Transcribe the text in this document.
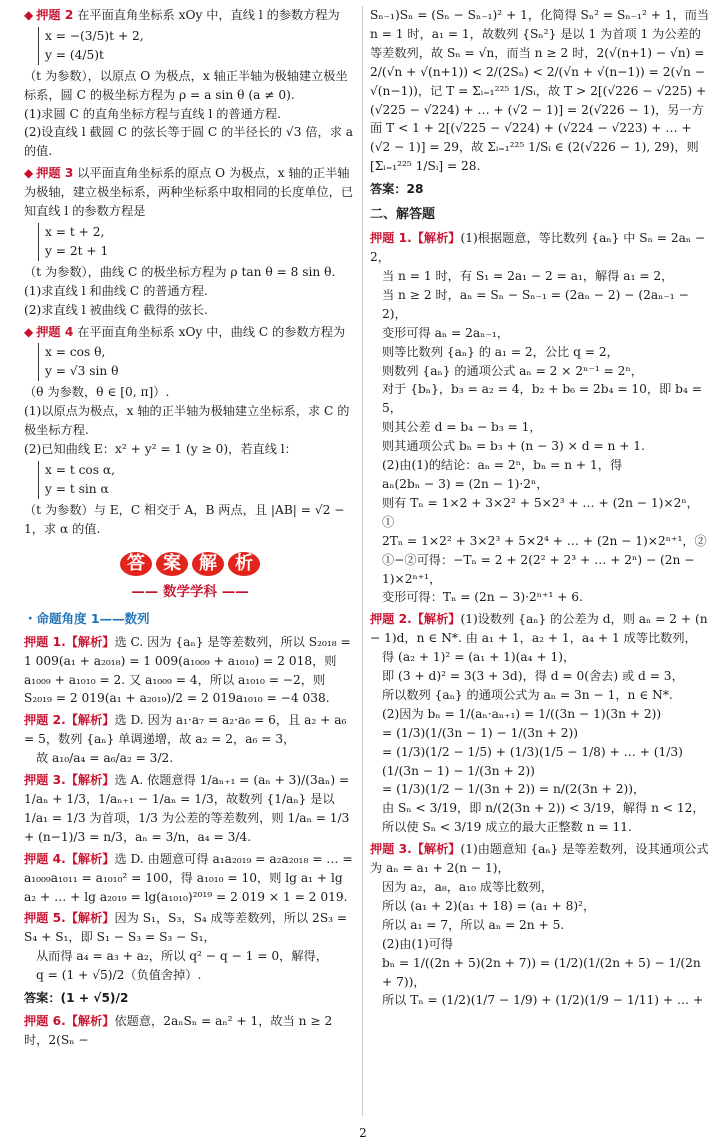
◆ 押题 2 在平面直角坐标系 xOy 中，直线 l 的参数方程为
x = −(3/5)t + 2,
y = (4/5)t
（t 为参数），以原点 O 为极点，x 轴正半轴为极轴建立极坐标系，圆 C 的极坐标方程为 ρ = a sin θ (a ≠ 0).
(1)求圆 C 的直角坐标方程与直线 l 的普通方程.
(2)设直线 l 截圆 C 的弦长等于圆 C 的半径长的 √3 倍，求 a 的值.
◆ 押题 3 以平面直角坐标系的原点 O 为极点，x 轴的正半轴为极轴，建立极坐标系，两种坐标系中取相同的长度单位，已知直线 l 的参数方程是
x = t + 2,
y = 2t + 1
（t 为参数），曲线 C 的极坐标方程为 ρ tan θ = 8 sin θ.
(1)求直线 l 和曲线 C 的普通方程.
(2)求直线 l 被曲线 C 截得的弦长.
◆ 押题 4 在平面直角坐标系 xOy 中，曲线 C 的参数方程为
x = cos θ,
y = √3 sin θ
（θ 为参数，θ ∈ [0, π]）.
(1)以原点为极点，x 轴的正半轴为极轴建立坐标系，求 C 的极坐标方程.
(2)已知曲线 E：x² + y² = 1 (y ≥ 0)，若直线 l：
x = t cos α,
y = t sin α
（t 为参数）与 E，C 相交于 A，B 两点，且 |AB| = √2 − 1，求 α 的值.
答 案 解 析
—— 数学学科 ——
・命题角度 1——数列
押题 1.【解析】选 C. 因为 {aₙ} 是等差数列，所以 S₂₀₁₈ = 1 009(a₁ + a₂₀₁₈) = 1 009(a₁₀₀₉ + a₁₀₁₀) = 2 018，则 a₁₀₀₉ + a₁₀₁₀ = 2. 又 a₁₀₀₉ = 4，所以 a₁₀₁₀ = −2，则 S₂₀₁₉ = 2 019(a₁ + a₂₀₁₉)/2 = 2 019a₁₀₁₀ = −4 038.
押题 2.【解析】选 D. 因为 a₁·a₇ = a₂·a₆ = 6，且 a₂ + a₆ = 5，数列 {aₙ} 单调递增，故 a₂ = 2，a₆ = 3，
故 a₁₀/a₄ = a₆/a₂ = 3/2.
押题 3.【解析】选 A. 依题意得 1/aₙ₊₁ = (aₙ + 3)/(3aₙ) = 1/aₙ + 1/3，1/aₙ₊₁ − 1/aₙ = 1/3，故数列 {1/aₙ} 是以 1/a₁ = 1/3 为首项，1/3 为公差的等差数列，则 1/aₙ = 1/3 + (n−1)/3 = n/3，aₙ = 3/n，a₄ = 3/4.
押题 4.【解析】选 D. 由题意可得 a₁a₂₀₁₉ = a₂a₂₀₁₈ = … = a₁₀₀₉a₁₀₁₁ = a₁₀₁₀² = 100，得 a₁₀₁₀ = 10，则 lg a₁ + lg a₂ + … + lg a₂₀₁₉ = lg(a₁₀₁₀)²⁰¹⁹ = 2 019 × 1 = 2 019.
押题 5.【解析】因为 S₁，S₃，S₄ 成等差数列，所以 2S₃ = S₄ + S₁，即 S₁ − S₃ = S₃ − S₁，
从而得 a₄ = a₃ + a₂，所以 q² − q − 1 = 0，解得，
q = (1 + √5)/2（负值舍掉）.
答案：(1 + √5)/2
押题 6.【解析】依题意，2aₙSₙ = aₙ² + 1，故当 n ≥ 2 时，2(Sₙ −
Sₙ₋₁)Sₙ = (Sₙ − Sₙ₋₁)² + 1，化简得 Sₙ² = Sₙ₋₁² + 1，而当 n = 1 时，a₁ = 1，故数列 {Sₙ²} 是以 1 为首项 1 为公差的等差数列，故 Sₙ = √n，而当 n ≥ 2 时，2(√(n+1) − √n) = 2/(√n + √(n+1)) < 2/(2Sₙ) < 2/(√n + √(n−1)) = 2(√n − √(n−1))，记 T = Σᵢ₌₁²²⁵ 1/Sᵢ，故 T > 2[(√226 − √225) + (√225 − √224) + … + (√2 − 1)] = 2(√226 − 1)，另一方面 T < 1 + 2[(√225 − √224) + (√224 − √223) + … + (√2 − 1)] = 29，故 Σᵢ₌₁²²⁵ 1/Sᵢ ∈ (2(√226 − 1), 29)，则 [Σᵢ₌₁²²⁵ 1/Sᵢ] = 28.
答案：28
二、解答题
押题 1.【解析】(1)根据题意，等比数列 {aₙ} 中 Sₙ = 2aₙ − 2，
当 n = 1 时，有 S₁ = 2a₁ − 2 = a₁，解得 a₁ = 2，
当 n ≥ 2 时，aₙ = Sₙ − Sₙ₋₁ = (2aₙ − 2) − (2aₙ₋₁ − 2)，
变形可得 aₙ = 2aₙ₋₁，
则等比数列 {aₙ} 的 a₁ = 2，公比 q = 2，
则数列 {aₙ} 的通项公式 aₙ = 2 × 2ⁿ⁻¹ = 2ⁿ，
对于 {bₙ}，b₃ = a₂ = 4，b₂ + b₆ = 2b₄ = 10，即 b₄ = 5，
则其公差 d = b₄ − b₃ = 1，
则其通项公式 bₙ = b₃ + (n − 3) × d = n + 1.
(2)由(1)的结论：aₙ = 2ⁿ，bₙ = n + 1，得
aₙ(2bₙ − 3) = (2n − 1)·2ⁿ，
则有 Tₙ = 1×2 + 3×2² + 5×2³ + … + (2n − 1)×2ⁿ，①
2Tₙ = 1×2² + 3×2³ + 5×2⁴ + … + (2n − 1)×2ⁿ⁺¹，②
①−②可得：−Tₙ = 2 + 2(2² + 2³ + … + 2ⁿ) − (2n − 1)×2ⁿ⁺¹，
变形可得：Tₙ = (2n − 3)·2ⁿ⁺¹ + 6.
押题 2.【解析】(1)设数列 {aₙ} 的公差为 d，则 aₙ = 2 + (n − 1)d，n ∈ N*. 由 a₁ + 1，a₂ + 1，a₄ + 1 成等比数列，
得 (a₂ + 1)² = (a₁ + 1)(a₄ + 1)，
即 (3 + d)² = 3(3 + 3d)，得 d = 0(舍去) 或 d = 3，
所以数列 {aₙ} 的通项公式为 aₙ = 3n − 1，n ∈ N*.
(2)因为 bₙ = 1/(aₙ·aₙ₊₁) = 1/((3n − 1)(3n + 2))
= (1/3)(1/(3n − 1) − 1/(3n + 2))
= (1/3)(1/2 − 1/5) + (1/3)(1/5 − 1/8) + … + (1/3)(1/(3n − 1) − 1/(3n + 2))
= (1/3)(1/2 − 1/(3n + 2)) = n/(2(3n + 2))，
由 Sₙ < 3/19，即 n/(2(3n + 2)) < 3/19，解得 n < 12，
所以使 Sₙ < 3/19 成立的最大正整数 n = 11.
押题 3.【解析】(1)由题意知 {aₙ} 是等差数列，设其通项公式为 aₙ = a₁ + 2(n − 1)，
因为 a₂，a₈，a₁₀ 成等比数列，
所以 (a₁ + 2)(a₁ + 18) = (a₁ + 8)²，
所以 a₁ = 7，所以 aₙ = 2n + 5.
(2)由(1)可得
bₙ = 1/((2n + 5)(2n + 7)) = (1/2)(1/(2n + 5) − 1/(2n + 7))，
所以 Tₙ = (1/2)(1/7 − 1/9) + (1/2)(1/9 − 1/11) + … +
2
